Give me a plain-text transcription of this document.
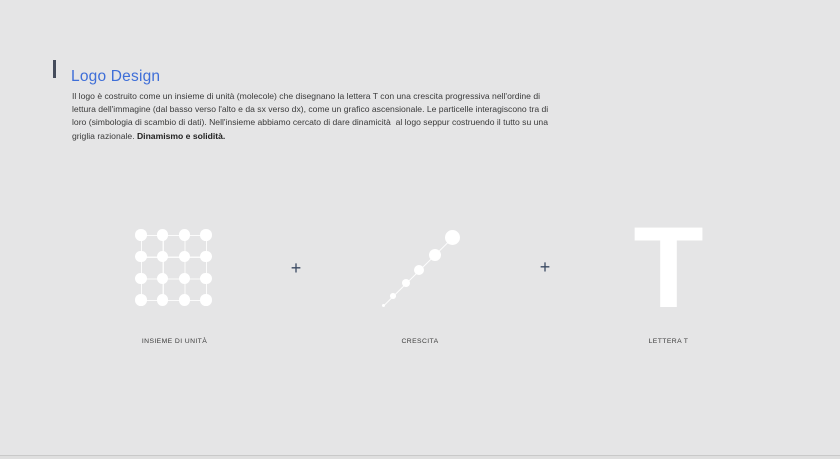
Logo Design
Il logo è costruito come un insieme di unità (molecole) che disegnano la lettera T con una crescita progressiva nell'ordine di
lettura dell'immagine (dal basso verso l'alto e da sx verso dx), come un grafico ascensionale. Le particelle interagiscono tra di
loro (simbologia di scambio di dati). Nell'insieme abbiamo cercato di dare dinamicità  al logo seppur costruendo il tutto su una
griglia razionale. Dinamismo e solidità.
INSIEME DI UNITÀ
+
CRESCITA
+ T
LETTERA T
